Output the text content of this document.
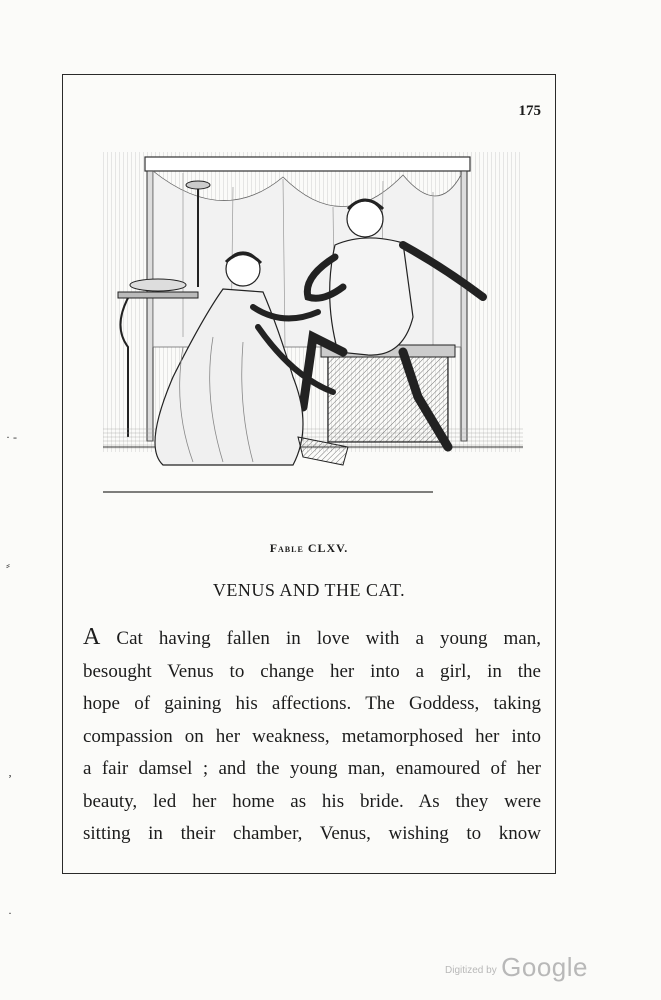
· -
⸗
ʼ
·
175
Fable CLXV.
VENUS AND THE CAT.
A Cat having fallen in love with a young man,
besought Venus to change her into a girl, in the
hope of gaining his affections. The Goddess, taking
compassion on her weakness, metamorphosed her into
a fair damsel ; and the young man, enamoured of her
beauty, led her home as his bride. As they were
sitting in their chamber, Venus, wishing to know
Digitized by Google
